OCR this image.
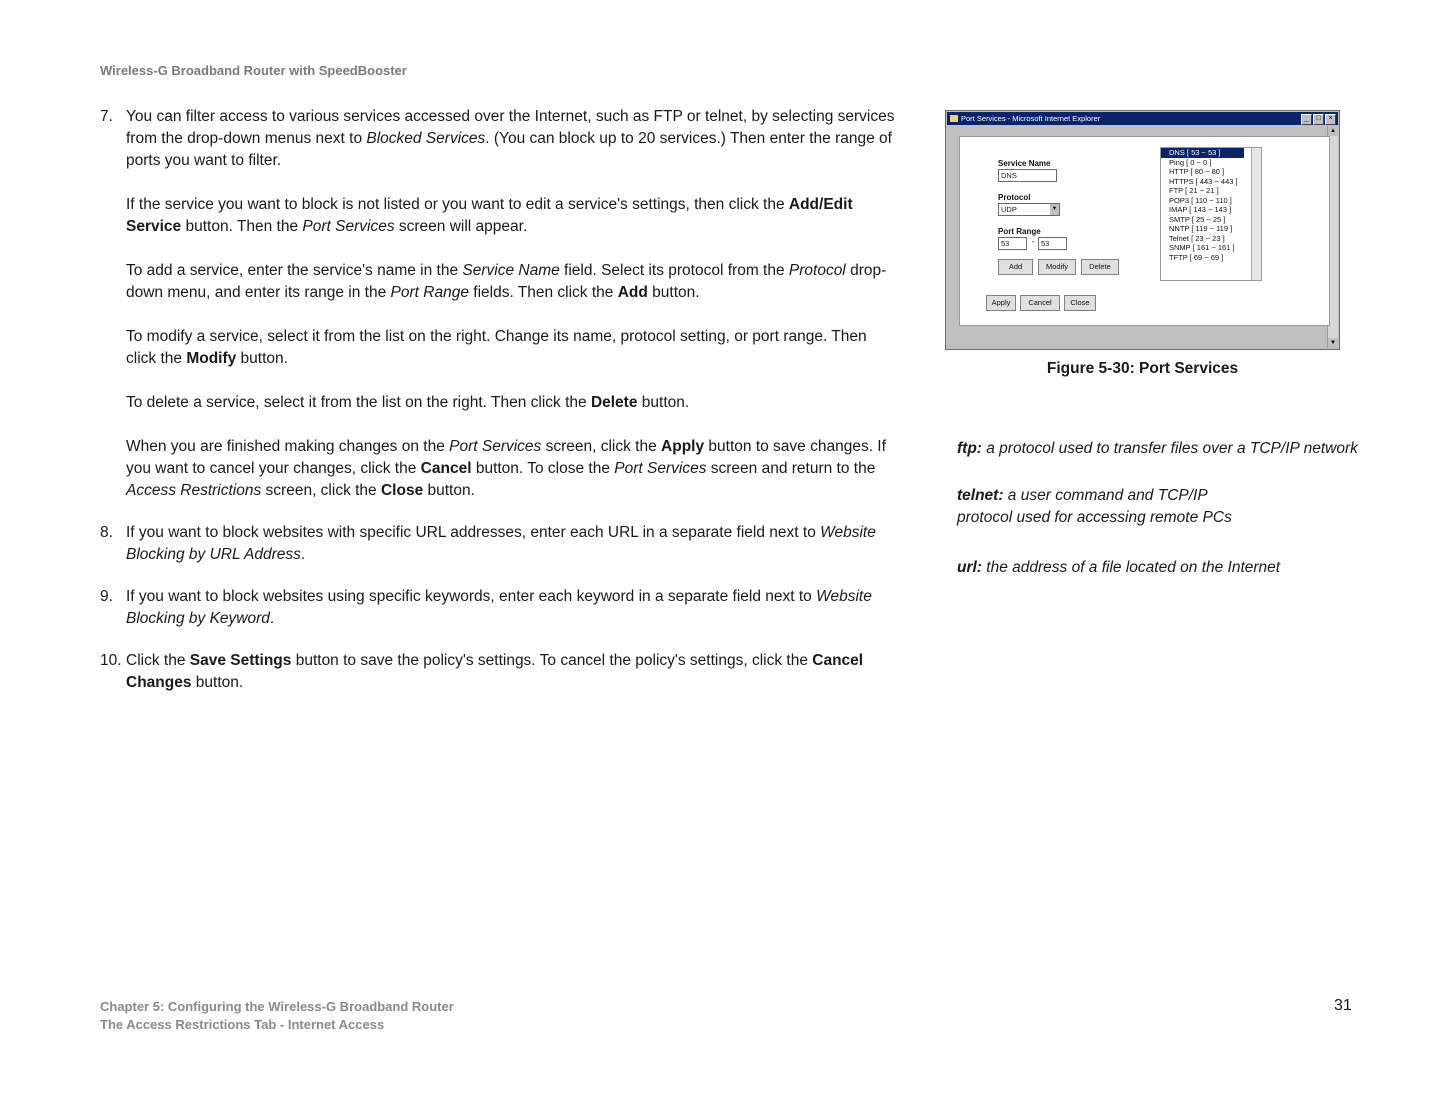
Wireless-G Broadband Router with SpeedBooster
7. You can filter access to various services accessed over the Internet, such as FTP or telnet, by selecting services from the drop-down menus next to Blocked Services. (You can block up to 20 services.) Then enter the range of ports you want to filter.

If the service you want to block is not listed or you want to edit a service's settings, then click the Add/Edit Service button. Then the Port Services screen will appear.

To add a service, enter the service's name in the Service Name field. Select its protocol from the Protocol drop-down menu, and enter its range in the Port Range fields. Then click the Add button.

To modify a service, select it from the list on the right. Change its name, protocol setting, or port range. Then click the Modify button.

To delete a service, select it from the list on the right. Then click the Delete button.

When you are finished making changes on the Port Services screen, click the Apply button to save changes. If you want to cancel your changes, click the Cancel button. To close the Port Services screen and return to the Access Restrictions screen, click the Close button.

8. If you want to block websites with specific URL addresses, enter each URL in a separate field next to Website Blocking by URL Address.

9. If you want to block websites using specific keywords, enter each keyword in a separate field next to Website Blocking by Keyword.

10. Click the Save Settings button to save the policy's settings. To cancel the policy's settings, click the Cancel Changes button.

Port Services - Microsoft Internet Explorer	_	□	×
▲
▼
Service Name
DNS
Protocol
UDP	▼
Port Range
53	- 53
Add	Modify	Delete
DNS [ 53 ~ 53 ]
Ping [ 0 ~ 0 ]
HTTP [ 80 ~ 80 ]
HTTPS [ 443 ~ 443 ]
FTP [ 21 ~ 21 ]
POP3 [ 110 ~ 110 ]
IMAP [ 143 ~ 143 ]
SMTP [ 25 ~ 25 ]
NNTP [ 119 ~ 119 ]
Telnet [ 23 ~ 23 ]
SNMP [ 161 ~ 161 ]
TFTP [ 69 ~ 69 ]
Apply	Cancel	Close
Figure 5-30: Port Services
ftp: a protocol used to transfer files over a TCP/IP network
telnet: a user command and TCP/IP protocol used for accessing remote PCs
url: the address of a file located on the Internet
Chapter 5: Configuring the Wireless-G Broadband Router
The Access Restrictions Tab - Internet Access
31
